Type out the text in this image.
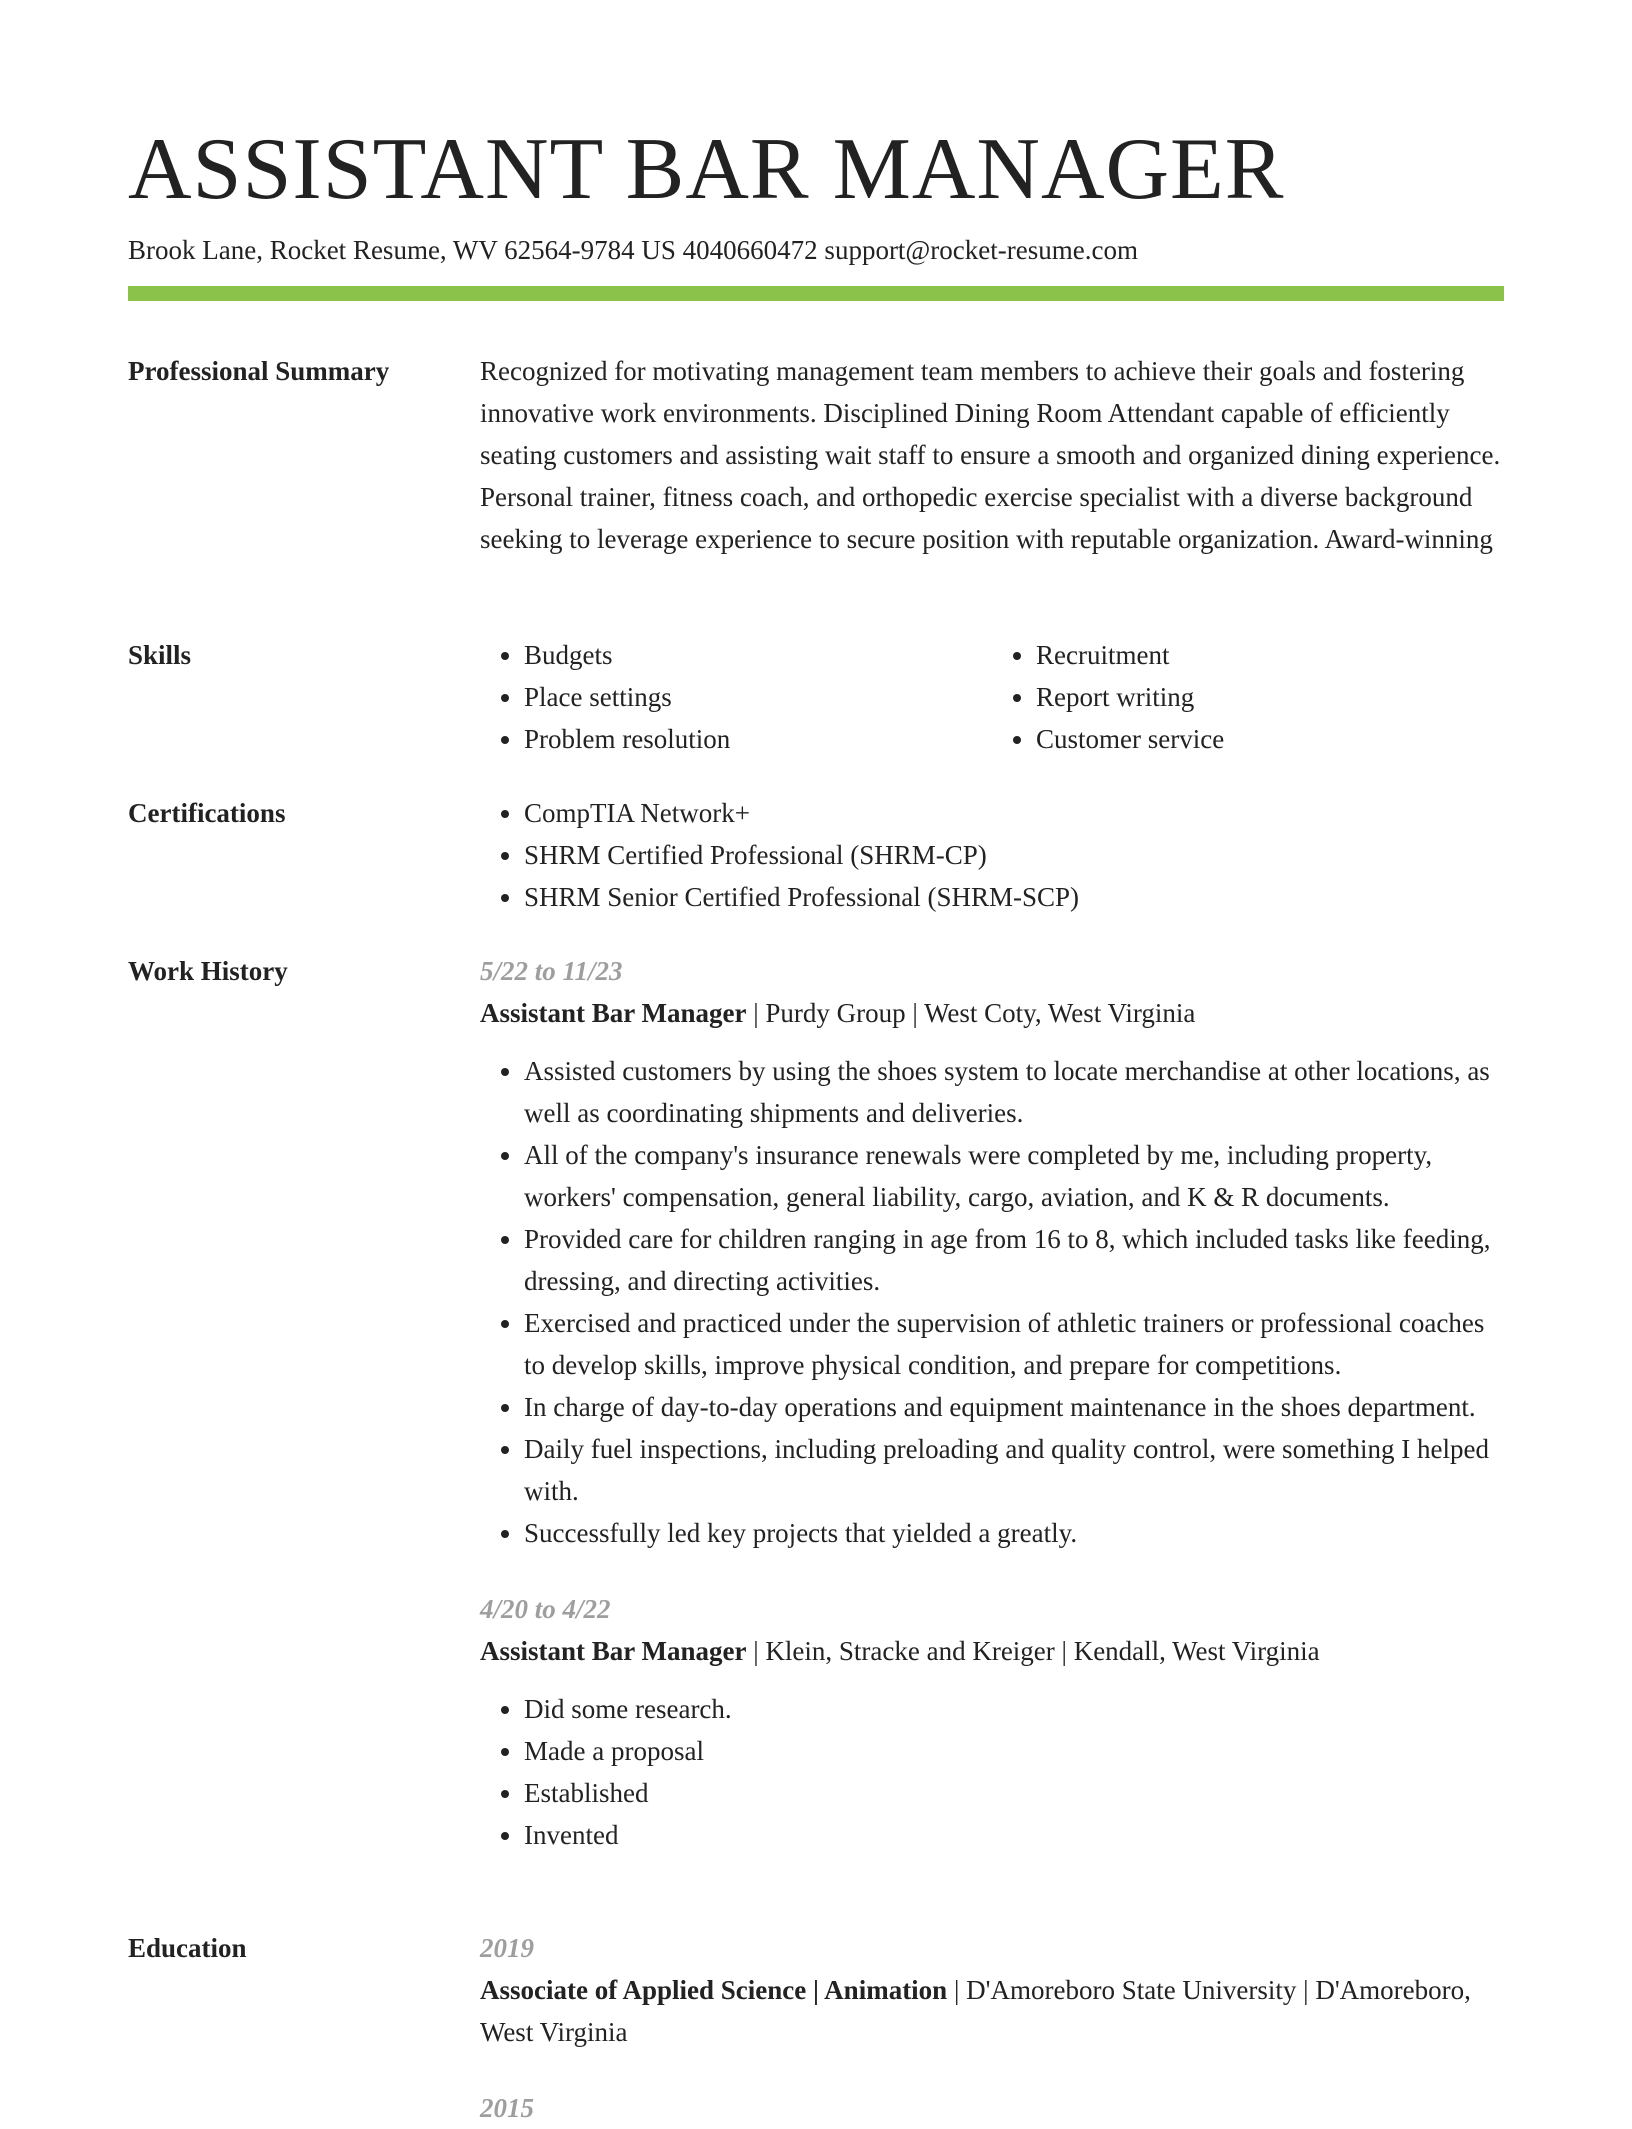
ASSISTANT BAR MANAGER
Brook Lane, Rocket Resume, WV 62564-9784 US 4040660472 support@rocket-resume.com
Professional Summary	Recognized for motivating management team members to achieve their goals and fostering innovative work environments. Disciplined Dining Room Attendant capable of efficiently seating customers and assisting wait staff to ensure a smooth and organized dining experience. Personal trainer, fitness coach, and orthopedic exercise specialist with a diverse background seeking to leverage experience to secure position with reputable organization. Award-winning

Skills	• Budgets
• Place settings
• Problem resolution
• Recruitment
• Report writing
• Customer service
Certifications	• CompTIA Network+
• SHRM Certified Professional (SHRM-CP)
• SHRM Senior Certified Professional (SHRM-SCP)
Work History	5/22 to 11/23
Assistant Bar Manager | Purdy Group | West Coty, West Virginia
• Assisted customers by using the shoes system to locate merchandise at other locations, as well as coordinating shipments and deliveries.
• All of the company's insurance renewals were completed by me, including property, workers' compensation, general liability, cargo, aviation, and K & R documents.
• Provided care for children ranging in age from 16 to 8, which included tasks like feeding, dressing, and directing activities.
• Exercised and practiced under the supervision of athletic trainers or professional coaches to develop skills, improve physical condition, and prepare for competitions.
• In charge of day-to-day operations and equipment maintenance in the shoes department.
• Daily fuel inspections, including preloading and quality control, were something I helped with.
• Successfully led key projects that yielded a greatly.
4/20 to 4/22
Assistant Bar Manager | Klein, Stracke and Kreiger | Kendall, West Virginia
• Did some research.
• Made a proposal
• Established
• Invented
Education	2019
Associate of Applied Science | Animation | D'Amoreboro State University | D'Amoreboro, West Virginia
2015
